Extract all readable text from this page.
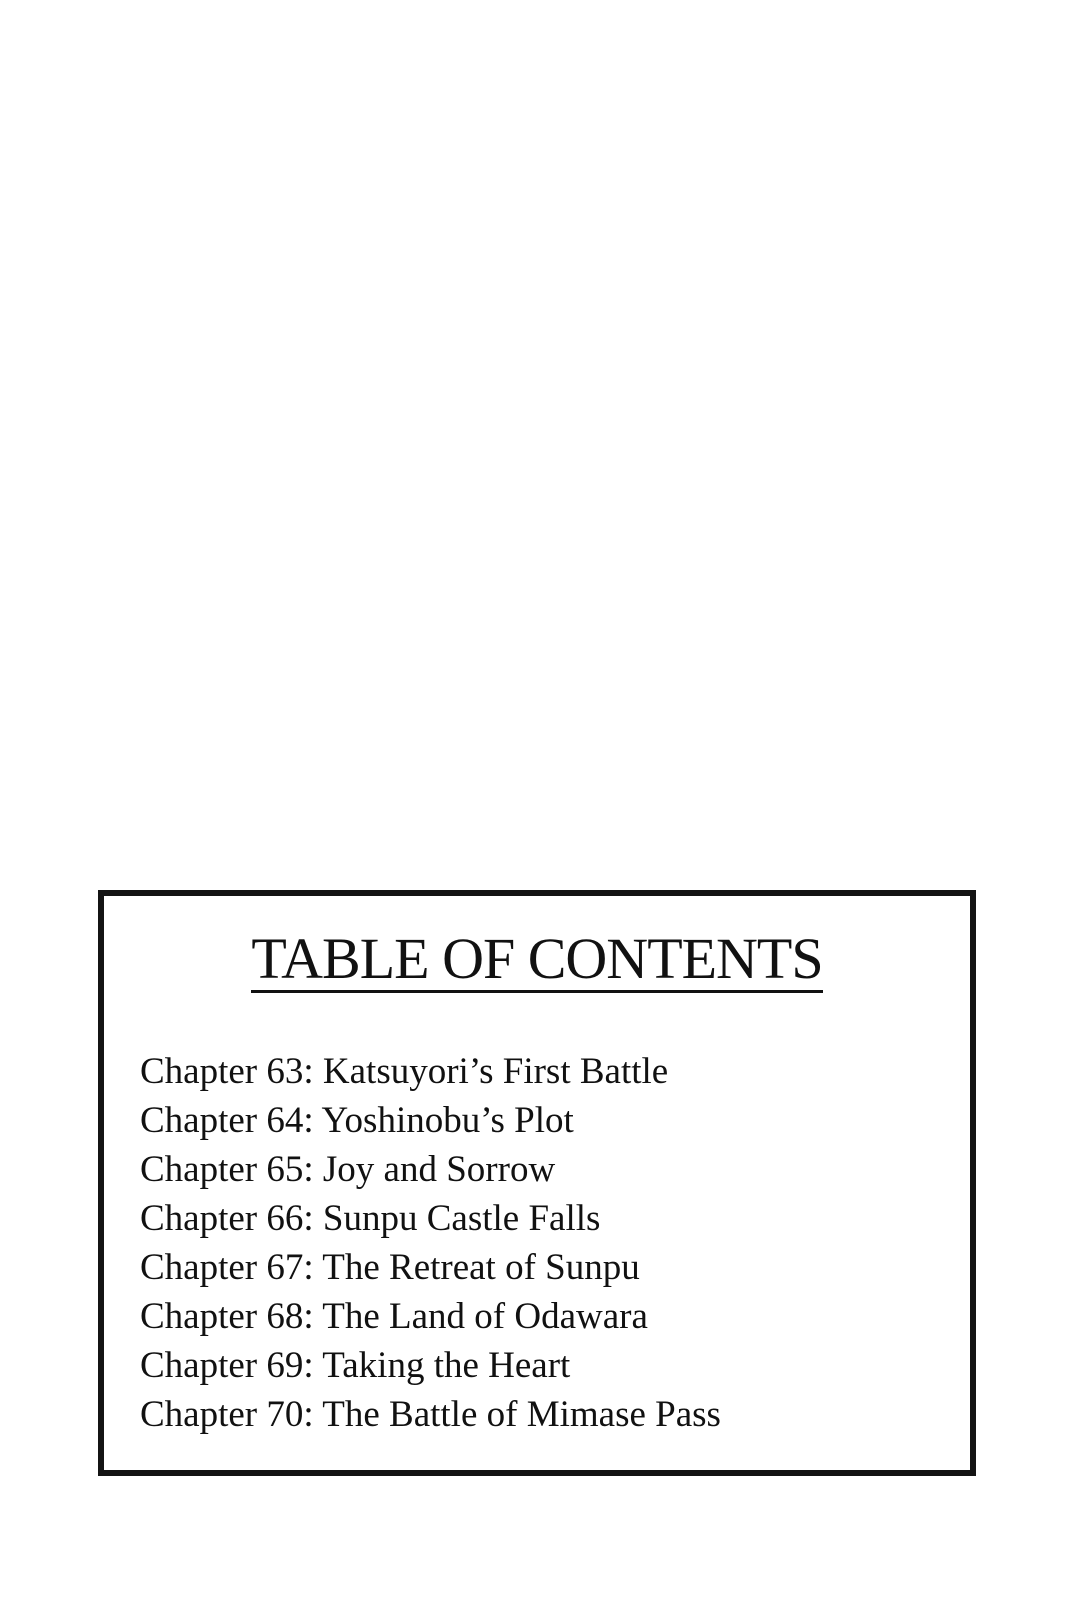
TABLE OF CONTENTS
Chapter 63: Katsuyori’s First Battle
Chapter 64: Yoshinobu’s Plot
Chapter 65: Joy and Sorrow
Chapter 66: Sunpu Castle Falls
Chapter 67: The Retreat of Sunpu
Chapter 68: The Land of Odawara
Chapter 69: Taking the Heart
Chapter 70: The Battle of Mimase Pass
